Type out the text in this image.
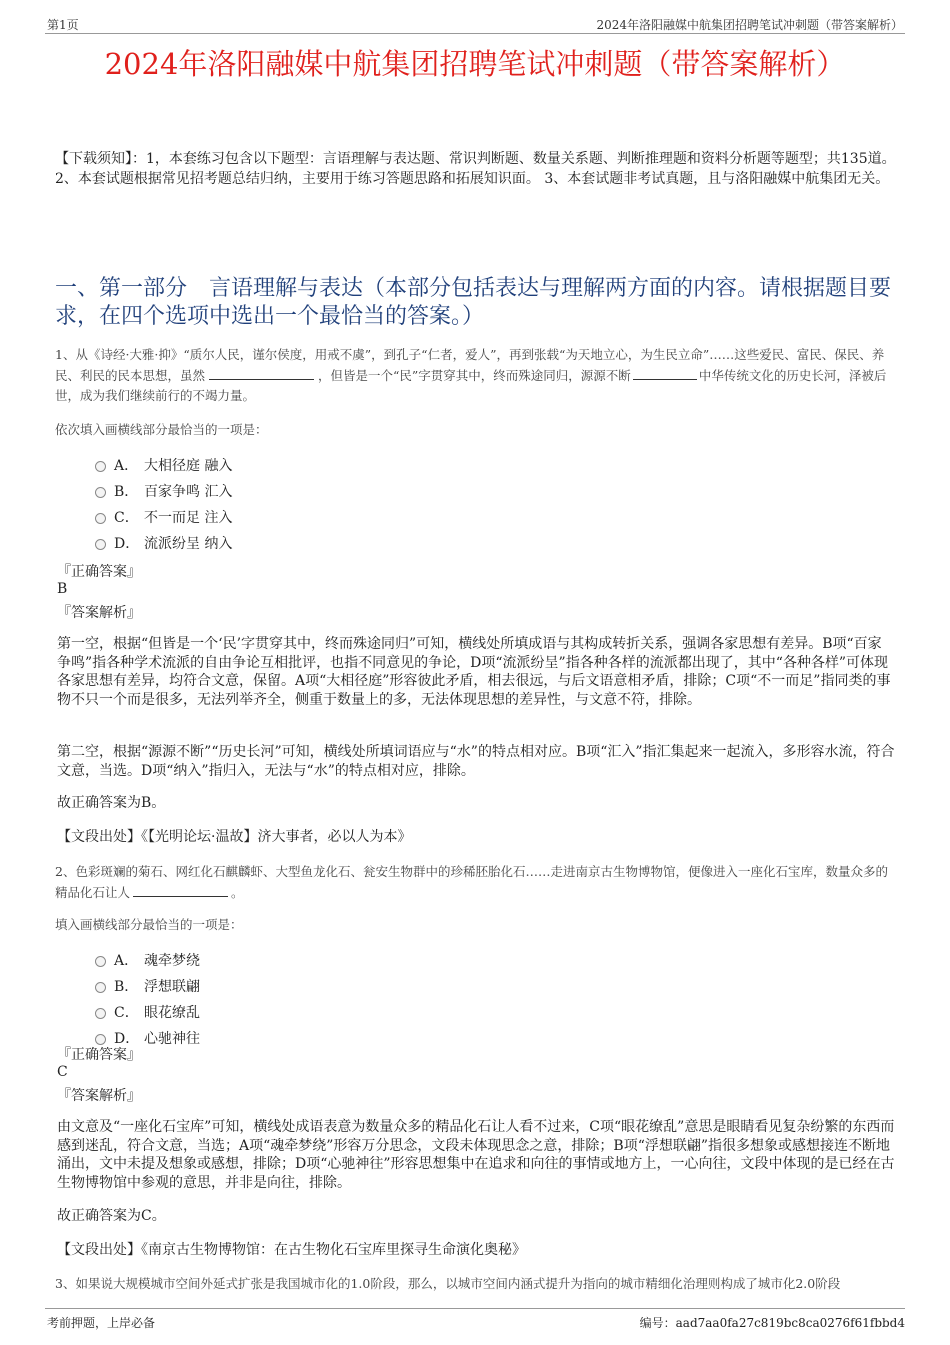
第1页	2024年洛阳融媒中航集团招聘笔试冲刺题（带答案解析）
2024年洛阳融媒中航集团招聘笔试冲刺题（带答案解析）
【下载须知】：1，本套练习包含以下题型：言语理解与表达题、常识判断题、数量关系题、判断推理题和资料分析题等题型；共135道。 2、本套试题根据常见招考题总结归纳，主要用于练习答题思路和拓展知识面。 3、本套试题非考试真题，且与洛阳融媒中航集团无关。
一、第一部分　言语理解与表达（本部分包括表达与理解两方面的内容。请根据题目要求，在四个选项中选出一个最恰当的答案。）
1、从《诗经·大雅·抑》“质尔人民，谨尔侯度，用戒不虞”，到孔子“仁者，爱人”，再到张载“为天地立心，为生民立命”……这些爱民、富民、保民、养民、利民的民本思想，虽然	，但皆是一个“民”字贯穿其中，终而殊途同归，源源不断	中华传统文化的历史长河，泽被后世，成为我们继续前行的不竭力量。
依次填入画横线部分最恰当的一项是：
A． 大相径庭 融入
B． 百家争鸣 汇入
C． 不一而足 注入
D． 流派纷呈 纳入
『正确答案』
B
『答案解析』
第一空，根据“但皆是一个‘民’字贯穿其中，终而殊途同归”可知，横线处所填成语与其构成转折关系，强调各家思想有差异。B项“百家争鸣”指各种学术流派的自由争论互相批评，也指不同意见的争论，D项“流派纷呈”指各种各样的流派都出现了，其中“各种各样”可体现各家思想有差异，均符合文意，保留。A项“大相径庭”形容彼此矛盾，相去很远，与后文语意相矛盾，排除；C项“不一而足”指同类的事物不只一个而是很多，无法列举齐全，侧重于数量上的多，无法体现思想的差异性，与文意不符，排除。
第二空，根据“源源不断”“历史长河”可知，横线处所填词语应与“水”的特点相对应。B项“汇入”指汇集起来一起流入，多形容水流，符合文意，当选。D项“纳入”指归入，无法与“水”的特点相对应，排除。
故正确答案为B。
【文段出处】《【光明论坛·温故】济大事者，必以人为本》
2、色彩斑斓的菊石、网红化石麒麟虾、大型鱼龙化石、瓮安生物群中的珍稀胚胎化石……走进南京古生物博物馆，便像进入一座化石宝库，数量众多的精品化石让人	。
填入画横线部分最恰当的一项是：
A． 魂牵梦绕
B． 浮想联翩
C． 眼花缭乱
D． 心驰神往
『正确答案』
C
『答案解析』
由文意及“一座化石宝库”可知，横线处成语表意为数量众多的精品化石让人看不过来，C项“眼花缭乱”意思是眼睛看见复杂纷繁的东西而感到迷乱，符合文意，当选；A项“魂牵梦绕”形容万分思念，文段未体现思念之意，排除；B项“浮想联翩”指很多想象或感想接连不断地涌出，文中未提及想象或感想，排除；D项“心驰神往”形容思想集中在追求和向往的事情或地方上，一心向往，文段中体现的是已经在古生物博物馆中参观的意思，并非是向往，排除。
故正确答案为C。
【文段出处】《南京古生物博物馆：在古生物化石宝库里探寻生命演化奥秘》
3、如果说大规模城市空间外延式扩张是我国城市化的1.0阶段，那么，以城市空间内涵式提升为指向的城市精细化治理则构成了城市化2.0阶段
考前押题，上岸必备	编号：aad7aa0fa27c819bc8ca0276f61fbbd4
